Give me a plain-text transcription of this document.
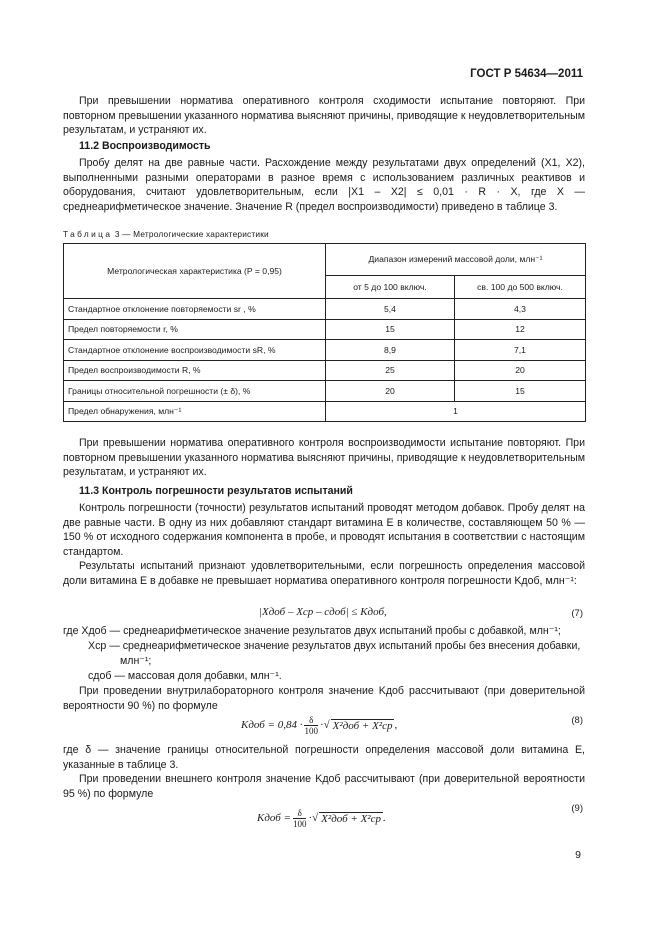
ГОСТ Р 54634—2011

При превышении норматива оперативного контроля сходимости испытание повторяют. При повторном превышении указанного норматива выясняют причины, приводящие к неудовлетворительным результатам, и устраняют их.

11.2 Воспроизводимость

Пробу делят на две равные части. Расхождение между результатами двух определений (X1, X2), выполненными разными операторами в разное время с использованием различных реактивов и оборудования, считают удовлетворительным, если |X1 – X2| ≤ 0,01 · R · X, где X — среднеарифметическое значение. Значение R (предел воспроизводимости) приведено в таблице 3.

Таблица 3 — Метрологические характеристики
Метрологическая характеристика (P = 0,95)	Диапазон измерений массовой доли, млн⁻¹	
	от 5 до 100 включ.	св. 100 до 500 включ.
Стандартное отклонение повторяемости sr , %	5,4	4,3
Предел повторяемости r, %	15	12
Стандартное отклонение воспроизводимости sR, %	8,9	7,1
Предел воспроизводимости R, %	25	20
Границы относительной погрешности (± δ), %	20	15
Предел обнаружения, млн⁻¹	1	

При превышении норматива оперативного контроля воспроизводимости испытание повторяют. При повторном превышении указанного норматива выясняют причины, приводящие к неудовлетворительным результатам, и устраняют их.

11.3 Контроль погрешности результатов испытаний

Контроль погрешности (точности) результатов испытаний проводят методом добавок. Пробу делят на две равные части. В одну из них добавляют стандарт витамина Е в количестве, составляющем 50 % — 150 % от исходного содержания компонента в пробе, и проводят испытания в соответствии с настоящим стандартом.

Результаты испытаний признают удовлетворительными, если погрешность определения массовой доли витамина Е в добавке не превышает норматива оперативного контроля погрешности Kдоб, млн⁻¹:

|Xдоб – Xср – сдоб| ≤ Kдоб,	(7)
где Xдоб — среднеарифметическое значение результатов двух испытаний пробы с добавкой, млн⁻¹;
Xср — среднеарифметическое значение результатов двух испытаний пробы без внесения добавки,
млн⁻¹;
сдоб — массовая доля добавки, млн⁻¹.

При проведении внутрилабораторного контроля значение Kдоб рассчитывают (при доверительной вероятности 90 %) по формуле

Kдоб = $0,84 \cdot \frac{\delta}{100}$ ·√ X²доб + X²ср ,	(8)

где δ — значение границы относительной погрешности определения массовой доли витамина Е, указанные в таблице 3.

При проведении внешнего контроля значение Kдоб рассчитывают (при доверительной вероятности 95 %) по формуле

Kдоб = $\frac{\delta}{100}$ ·√ X²доб + X²ср .
(9)
9
